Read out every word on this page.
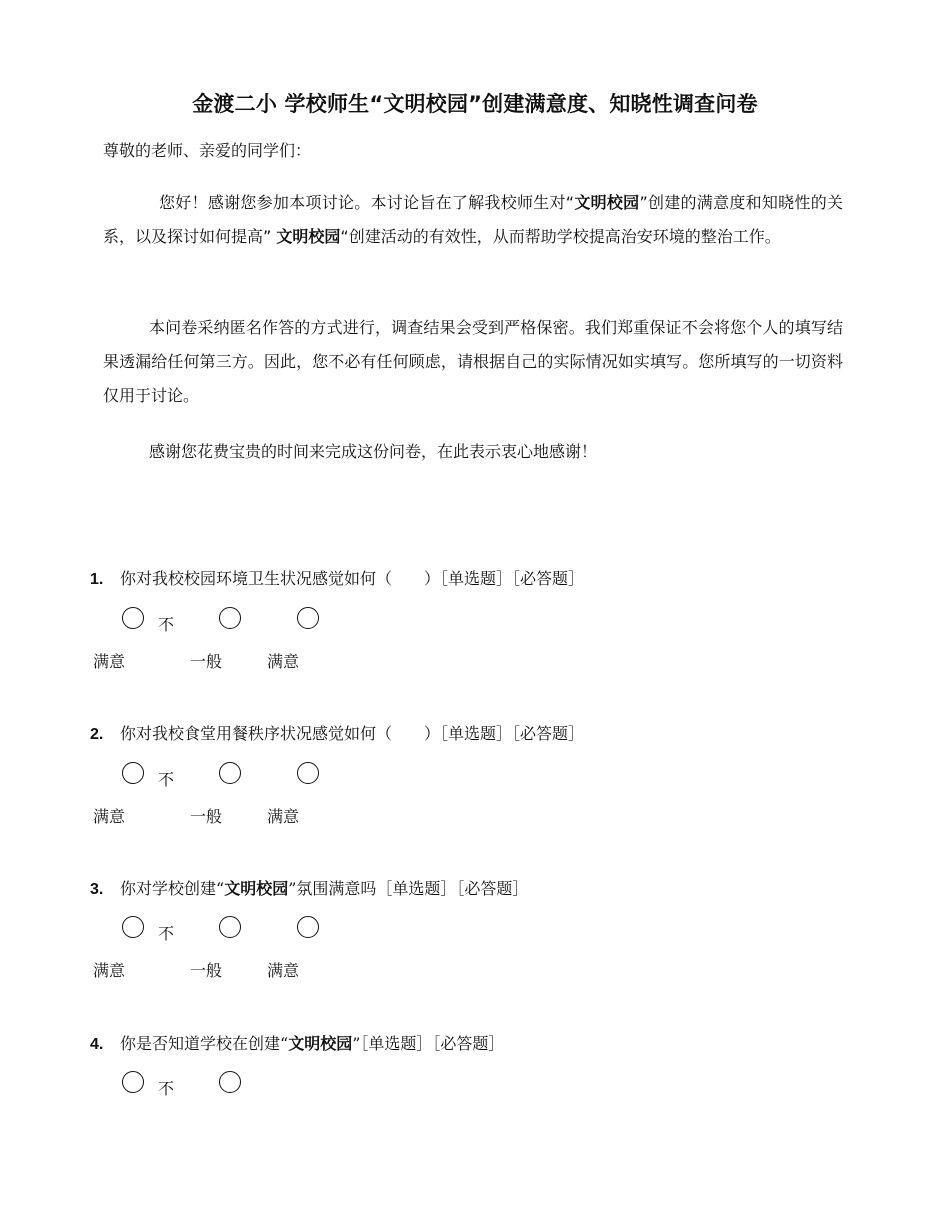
金渡二小 学校师生“文明校园”创建满意度、知晓性调查问卷
尊敬的老师、亲爱的同学们：
您好！感谢您参加本项讨论。本讨论旨在了解我校师生对“文明校园”创建的满意度和知晓性的关系，以及探讨如何提高” 文明校园“创建活动的有效性，从而帮助学校提高治安环境的整治工作。
本问卷采纳匿名作答的方式进行，调查结果会受到严格保密。我们郑重保证不会将您个人的填写结果透漏给任何第三方。因此，您不必有任何顾虑，请根据自己的实际情况如实填写。您所填写的一切资料仅用于讨论。
感谢您花费宝贵的时间来完成这份问卷，在此表示衷心地感谢！
1. 你对我校校园环境卫生状况感觉如何（　　）［单选题］［必答题］
不
满意	一般	满意
2. 你对我校食堂用餐秩序状况感觉如何（　　）［单选题］［必答题］
不
满意	一般	满意
3. 你对学校创建“文明校园”氛围满意吗［单选题］［必答题］
不
满意	一般	满意
4. 你是否知道学校在创建“文明校园”［单选题］［必答题］
不
